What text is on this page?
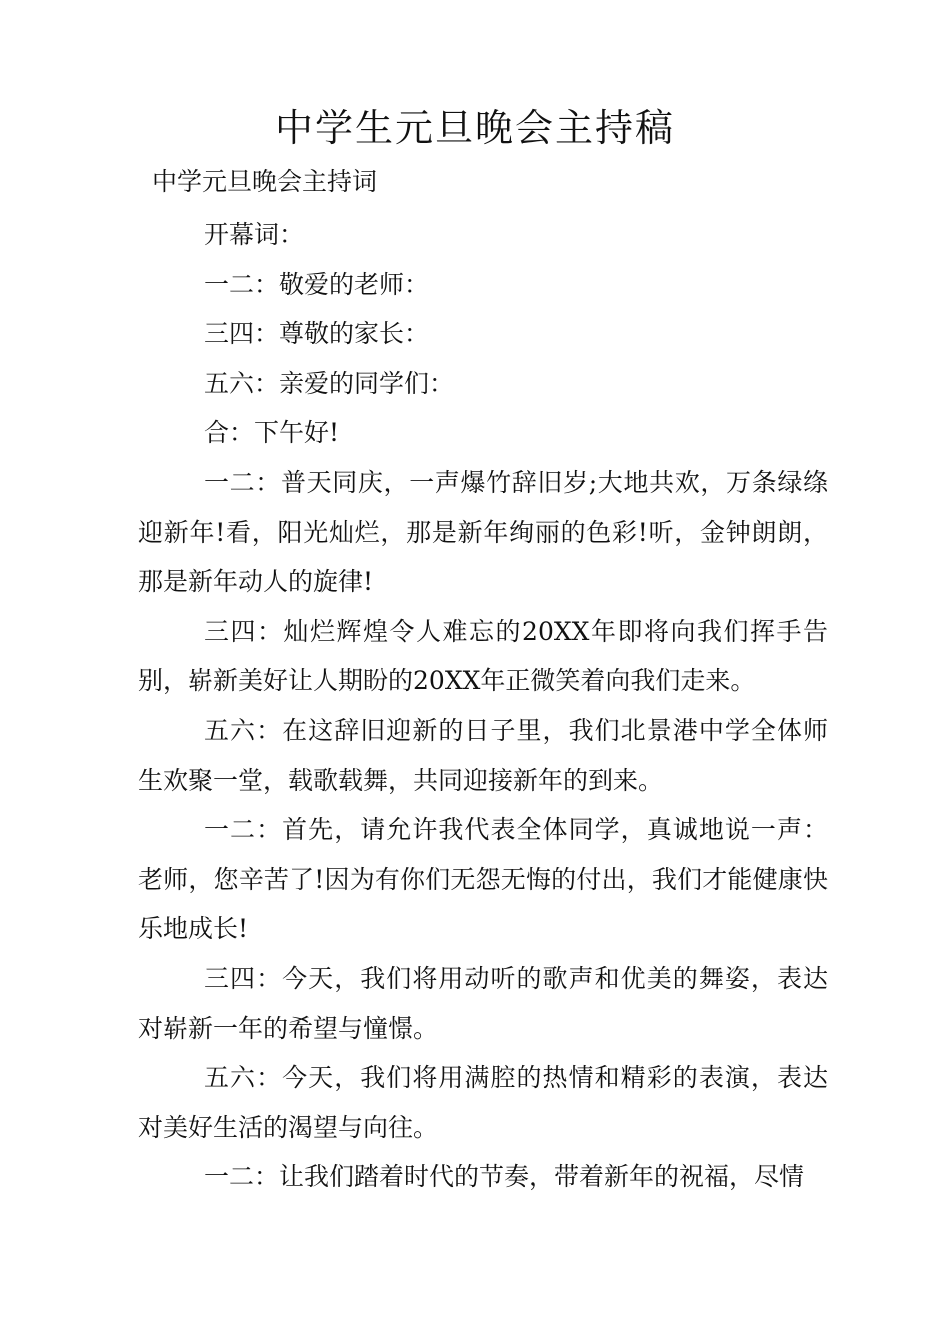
中学生元旦晚会主持稿
中学元旦晚会主持词

开幕词：

一二：敬爱的老师：

三四：尊敬的家长：

五六：亲爱的同学们：

合：下午好!

一二：普天同庆，一声爆竹辞旧岁;大地共欢，万条绿绦迎新年!看，阳光灿烂，那是新年绚丽的色彩!听，金钟朗朗，那是新年动人的旋律!

三四：灿烂辉煌令人难忘的20XX年即将向我们挥手告别，崭新美好让人期盼的20XX年正微笑着向我们走来。

五六：在这辞旧迎新的日子里，我们北景港中学全体师生欢聚一堂，载歌载舞，共同迎接新年的到来。

一二：首先，请允许我代表全体同学，真诚地说一声：老师，您辛苦了!因为有你们无怨无悔的付出，我们才能健康快乐地成长!

三四：今天，我们将用动听的歌声和优美的舞姿，表达对崭新一年的希望与憧憬。

五六：今天，我们将用满腔的热情和精彩的表演，表达对美好生活的渴望与向往。

一二：让我们踏着时代的节奏，带着新年的祝福，尽情
